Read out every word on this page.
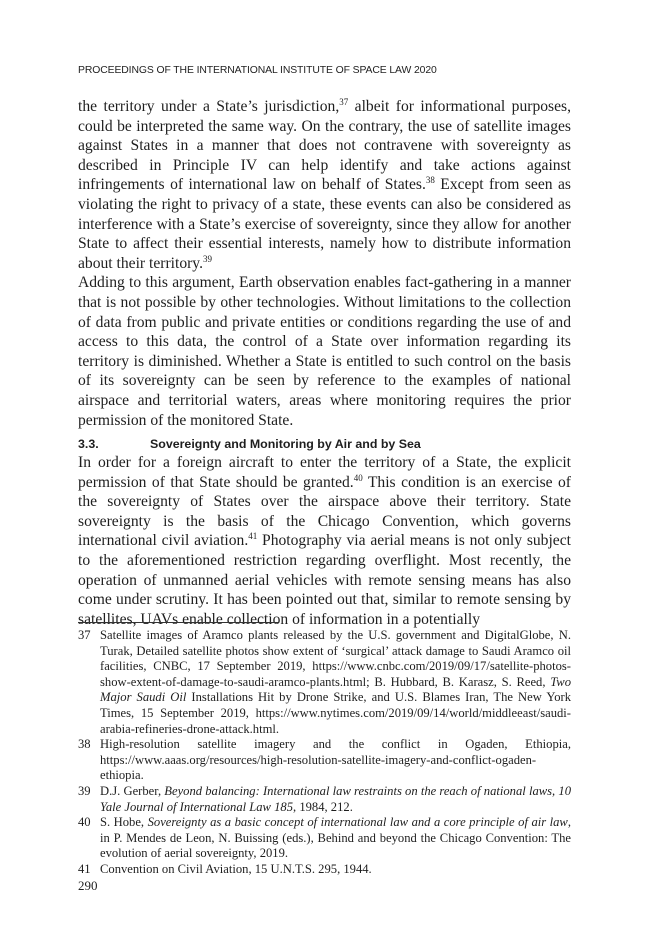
PROCEEDINGS OF THE INTERNATIONAL INSTITUTE OF SPACE LAW 2020

the territory under a State’s jurisdiction,$^{37}$ albeit for informational purposes, could be interpreted the same way. On the contrary, the use of satellite images against States in a manner that does not contravene with sovereignty as described in Principle IV can help identify and take actions against infringements of international law on behalf of States.$^{38}$ Except from seen as violating the right to privacy of a state, these events can also be considered as interference with a State’s exercise of sovereignty, since they allow for another State to affect their essential interests, namely how to distribute information about their territory.$^{39}$

Adding to this argument, Earth observation enables fact-gathering in a manner that is not possible by other technologies. Without limitations to the collection of data from public and private entities or conditions regarding the use of and access to this data, the control of a State over information regarding its territory is diminished. Whether a State is entitled to such control on the basis of its sovereignty can be seen by reference to the examples of national airspace and territorial waters, areas where monitoring requires the prior permission of the monitored State.

3.3.	Sovereignty and Monitoring by Air and by Sea

In order for a foreign aircraft to enter the territory of a State, the explicit permission of that State should be granted.$^{40}$ This condition is an exercise of the sovereignty of States over the airspace above their territory. State sovereignty is the basis of the Chicago Convention, which governs international civil aviation.$^{41}$ Photography via aerial means is not only subject to the aforementioned restriction regarding overflight. Most recently, the operation of unmanned aerial vehicles with remote sensing means has also come under scrutiny. It has been pointed out that, similar to remote sensing by satellites, UAVs enable collection of information in a potentially

37 Satellite images of Aramco plants released by the U.S. government and DigitalGlobe, N. Turak, Detailed satellite photos show extent of ‘surgical’ attack damage to Saudi Aramco oil facilities, CNBC, 17 September 2019, https://www.cnbc.com/2019/09/17/satellite-photos-show-extent-of-damage-to-saudi-aramco-plants.html; B. Hubbard, B. Karasz, S. Reed, Two Major Saudi Oil Installations Hit by Drone Strike, and U.S. Blames Iran, The New York Times, 15 September 2019, https://www.nytimes.com/2019/09/14/world/middleeast/saudi-arabia-refineries-drone-attack.html.
38 High-resolution satellite imagery and the conflict in Ogaden, Ethiopia, https://www.aaas.org/resources/high-resolution-satellite-imagery-and-conflict-ogaden-ethiopia.
39 D.J. Gerber, Beyond balancing: International law restraints on the reach of national laws, 10 Yale Journal of International Law 185, 1984, 212.
40 S. Hobe, Sovereignty as a basic concept of international law and a core principle of air law, in P. Mendes de Leon, N. Buissing (eds.), Behind and beyond the Chicago Convention: The evolution of aerial sovereignty, 2019.
41 Convention on Civil Aviation, 15 U.N.T.S. 295, 1944.
290
